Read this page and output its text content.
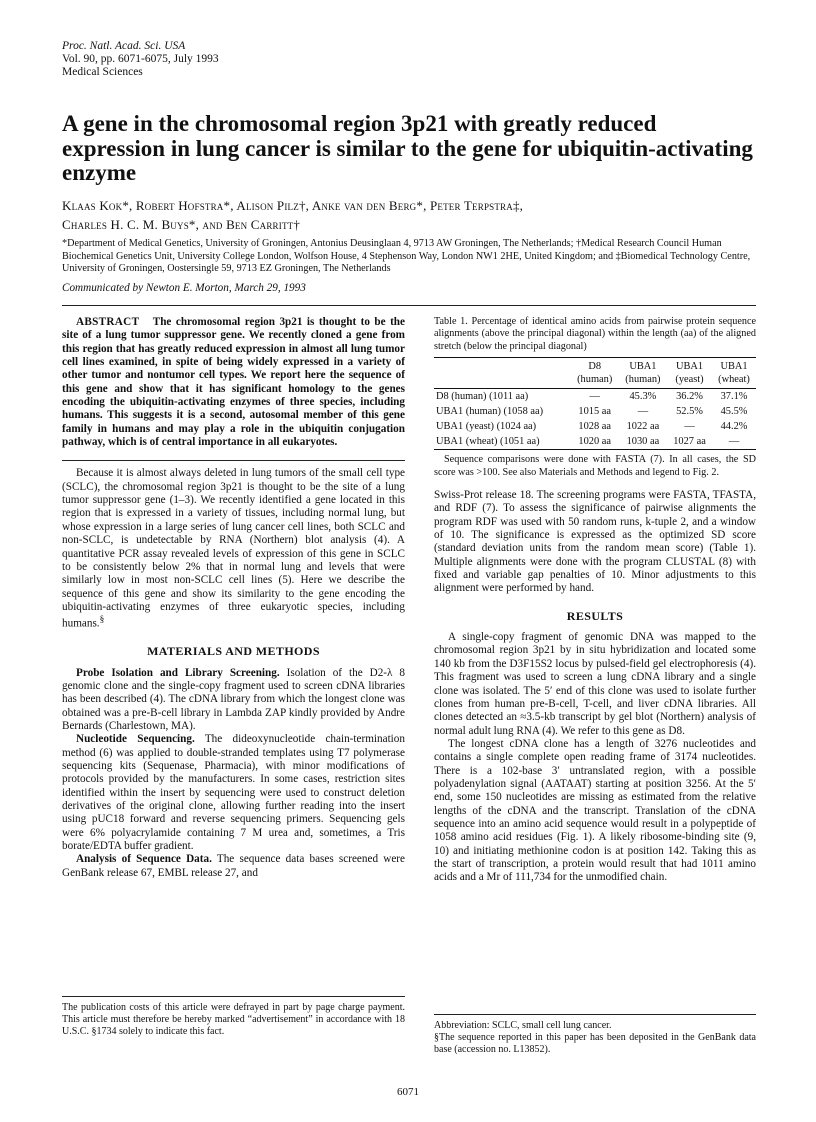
Proc. Natl. Acad. Sci. USA
Vol. 90, pp. 6071-6075, July 1993
Medical Sciences
A gene in the chromosomal region 3p21 with greatly reduced expression in lung cancer is similar to the gene for ubiquitin-activating enzyme
Klaas Kok*, Robert Hofstra*, Alison Pilz†, Anke van den Berg*, Peter Terpstra‡,
Charles H. C. M. Buys*, and Ben Carritt†
*Department of Medical Genetics, University of Groningen, Antonius Deusinglaan 4, 9713 AW Groningen, The Netherlands; †Medical Research Council Human Biochemical Genetics Unit, University College London, Wolfson House, 4 Stephenson Way, London NW1 2HE, United Kingdom; and ‡Biomedical Technology Centre, University of Groningen, Oostersingle 59, 9713 EZ Groningen, The Netherlands
Communicated by Newton E. Morton, March 29, 1993

ABSTRACT The chromosomal region 3p21 is thought to be the site of a lung tumor suppressor gene. We recently cloned a gene from this region that has greatly reduced expression in almost all lung tumor cell lines examined, in spite of being widely expressed in a variety of other tumor and nontumor cell types. We report here the sequence of this gene and show that it has significant homology to the genes encoding the ubiquitin-activating enzymes of three species, including humans. This suggests it is a second, autosomal member of this gene family in humans and may play a role in the ubiquitin conjugation pathway, which is of central importance in all eukaryotes.

Because it is almost always deleted in lung tumors of the small cell type (SCLC), the chromosomal region 3p21 is thought to be the site of a lung tumor suppressor gene (1–3). We recently identified a gene located in this region that is expressed in a variety of tissues, including normal lung, but whose expression in a large series of lung cancer cell lines, both SCLC and non-SCLC, is undetectable by RNA (Northern) blot analysis (4). A quantitative PCR assay revealed levels of expression of this gene in SCLC to be consistently below 2% that in normal lung and levels that were similarly low in most non-SCLC cell lines (5). Here we describe the sequence of this gene and show its similarity to the gene encoding the ubiquitin-activating enzymes of three eukaryotic species, including humans.§

MATERIALS AND METHODS

Probe Isolation and Library Screening. Isolation of the D2-λ 8 genomic clone and the single-copy fragment used to screen cDNA libraries has been described (4). The cDNA library from which the longest clone was obtained was a pre-B-cell library in Lambda ZAP kindly provided by Andre Bernards (Charlestown, MA).

Nucleotide Sequencing. The dideoxynucleotide chain-termination method (6) was applied to double-stranded templates using T7 polymerase sequencing kits (Sequenase, Pharmacia), with minor modifications of protocols provided by the manufacturers. In some cases, restriction sites identified within the insert by sequencing were used to construct deletion derivatives of the original clone, allowing further reading into the insert using pUC18 forward and reverse sequencing primers. Sequencing gels were 6% polyacrylamide containing 7 M urea and, sometimes, a Tris borate/EDTA buffer gradient.

Analysis of Sequence Data. The sequence data bases screened were GenBank release 67, EMBL release 27, and

Table 1. Percentage of identical amino acids from pairwise protein sequence alignments (above the principal diagonal) within the length (aa) of the aligned stretch (below the principal diagonal)

	D8	UBA1	UBA1	UBA1
	(human)	(human)	(yeast)	(wheat)
D8 (human) (1011 aa)	—	45.3%	36.2%	37.1%
UBA1 (human) (1058 aa)	1015 aa	—	52.5%	45.5%
UBA1 (yeast) (1024 aa)	1028 aa	1022 aa	—	44.2%
UBA1 (wheat) (1051 aa)	1020 aa	1030 aa	1027 aa	—

Sequence comparisons were done with FASTA (7). In all cases, the SD score was >100. See also Materials and Methods and legend to Fig. 2.

Swiss-Prot release 18. The screening programs were FASTA, TFASTA, and RDF (7). To assess the significance of pairwise alignments the program RDF was used with 50 random runs, k-tuple 2, and a window of 10. The significance is expressed as the optimized SD score (standard deviation units from the random mean score) (Table 1). Multiple alignments were done with the program CLUSTAL (8) with fixed and variable gap penalties of 10. Minor adjustments to this alignment were performed by hand.

RESULTS

A single-copy fragment of genomic DNA was mapped to the chromosomal region 3p21 by in situ hybridization and located some 140 kb from the D3F15S2 locus by pulsed-field gel electrophoresis (4). This fragment was used to screen a lung cDNA library and a single clone was isolated. The 5′ end of this clone was used to isolate further clones from human pre-B-cell, T-cell, and liver cDNA libraries. All clones detected an ≈3.5-kb transcript by gel blot (Northern) analysis of normal adult lung RNA (4). We refer to this gene as D8.

The longest cDNA clone has a length of 3276 nucleotides and contains a single complete open reading frame of 3174 nucleotides. There is a 102-base 3′ untranslated region, with a possible polyadenylation signal (AATAAT) starting at position 3256. At the 5′ end, some 150 nucleotides are missing as estimated from the relative lengths of the cDNA and the transcript. Translation of the cDNA sequence into an amino acid sequence would result in a polypeptide of 1058 amino acid residues (Fig. 1). A likely ribosome-binding site (9, 10) and initiating methionine codon is at position 142. Taking this as the start of transcription, a protein would result that had 1011 amino acids and a Mr of 111,734 for the unmodified chain.

The publication costs of this article were defrayed in part by page charge payment. This article must therefore be hereby marked “advertisement” in accordance with 18 U.S.C. §1734 solely to indicate this fact.

Abbreviation: SCLC, small cell lung cancer.

§The sequence reported in this paper has been deposited in the GenBank data base (accession no. L13852).

6071
